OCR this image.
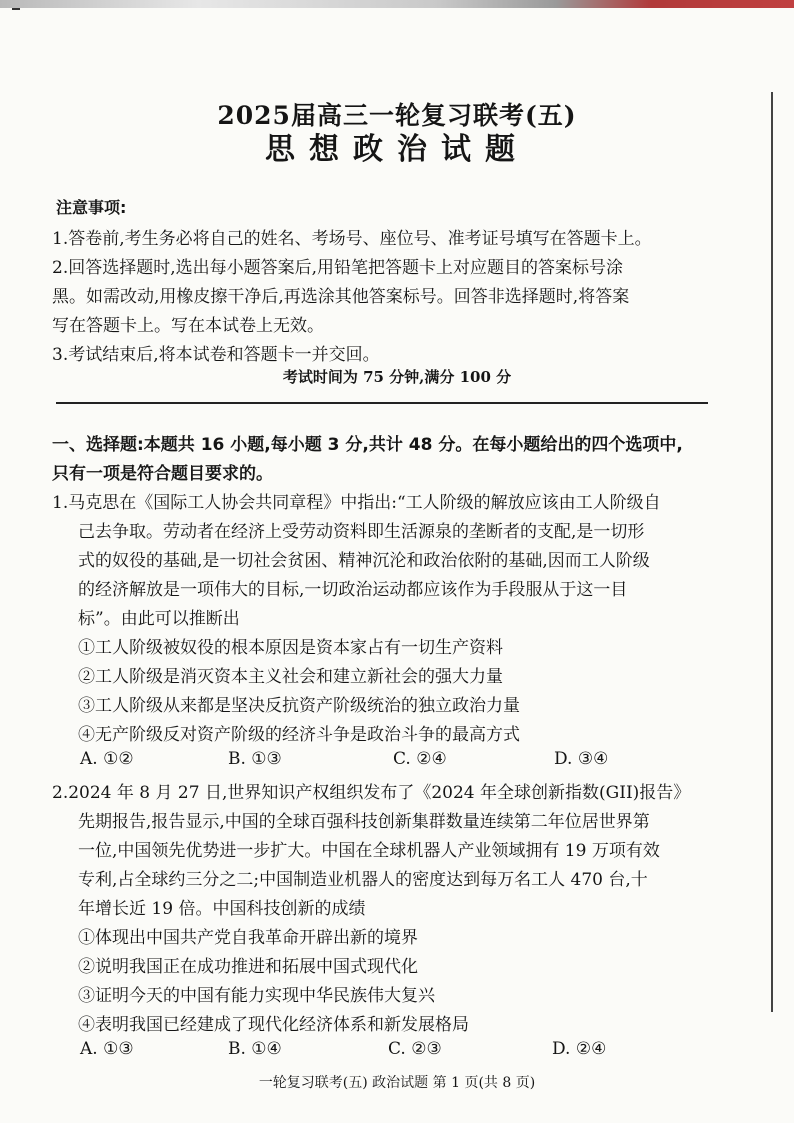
2025届高三一轮复习联考(五)
思想政治试题
注意事项:
1.答卷前,考生务必将自己的姓名、考场号、座位号、准考证号填写在答题卡上。
2.回答选择题时,选出每小题答案后,用铅笔把答题卡上对应题目的答案标号涂
黑。如需改动,用橡皮擦干净后,再选涂其他答案标号。回答非选择题时,将答案
写在答题卡上。写在本试卷上无效。
3.考试结束后,将本试卷和答题卡一并交回。
考试时间为 75 分钟,满分 100 分
一、选择题:本题共 16 小题,每小题 3 分,共计 48 分。在每小题给出的四个选项中,
只有一项是符合题目要求的。
1.马克思在《国际工人协会共同章程》中指出:“工人阶级的解放应该由工人阶级自
己去争取。劳动者在经济上受劳动资料即生活源泉的垄断者的支配,是一切形
式的奴役的基础,是一切社会贫困、精神沉沦和政治依附的基础,因而工人阶级
的经济解放是一项伟大的目标,一切政治运动都应该作为手段服从于这一目
标”。由此可以推断出
①工人阶级被奴役的根本原因是资本家占有一切生产资料
②工人阶级是消灭资本主义社会和建立新社会的强大力量
③工人阶级从来都是坚决反抗资产阶级统治的独立政治力量
④无产阶级反对资产阶级的经济斗争是政治斗争的最高方式
A. ①②	B. ①③	C. ②④	D. ③④
2.2024 年 8 月 27 日,世界知识产权组织发布了《2024 年全球创新指数(GII)报告》
先期报告,报告显示,中国的全球百强科技创新集群数量连续第二年位居世界第
一位,中国领先优势进一步扩大。中国在全球机器人产业领域拥有 19 万项有效
专利,占全球约三分之二;中国制造业机器人的密度达到每万名工人 470 台,十
年增长近 19 倍。中国科技创新的成绩
①体现出中国共产党自我革命开辟出新的境界
②说明我国正在成功推进和拓展中国式现代化
③证明今天的中国有能力实现中华民族伟大复兴
④表明我国已经建成了现代化经济体系和新发展格局
A. ①③	B. ①④	C. ②③	D. ②④
一轮复习联考(五) 政治试题 第 1 页(共 8 页)
